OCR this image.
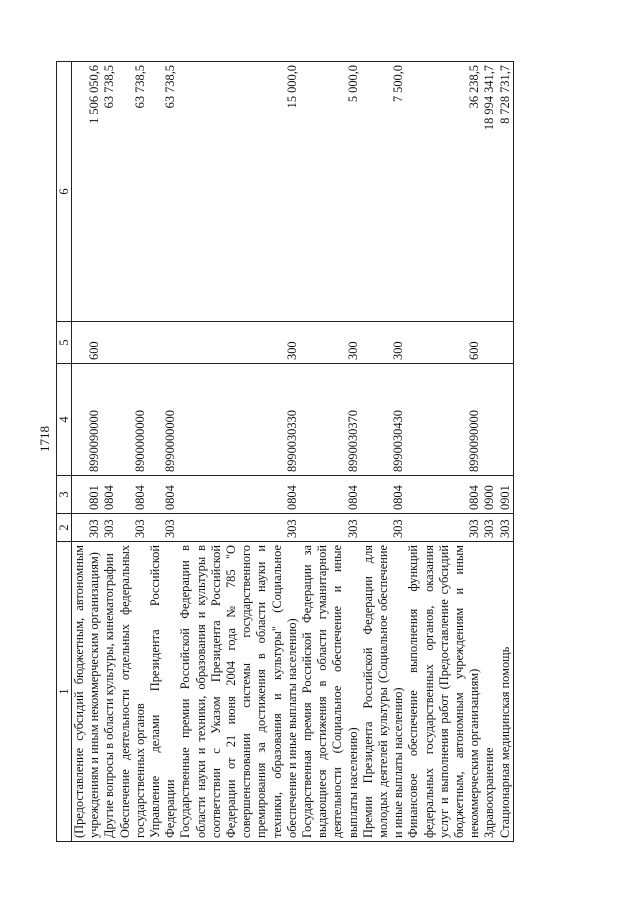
1718
1	2	3	4	5	6
(Предоставление субсидий бюджетным, автономным учреждениям и иным некоммерческим организациям)	303	0801	8990090000	600	1 506 050,6
Другие вопросы в области культуры, кинематографии	303	0804			63 738,5
Обеспечение деятельности отдельных федеральных государственных органов	303	0804	8900000000		63 738,5
Управление делами Президента Российской Федерации	303	0804	8990000000		63 738,5
Государственные премии Российской Федерации в области науки и техники, образования и культуры в соответствии с Указом Президента Российской Федерации от 21 июня 2004 года № 785 "О совершенствовании системы государственного премирования за достижения в области науки и техники, образования и культуры" (Социальное обеспечение и иные выплаты населению)	303	0804	8990030330	300	15 000,0
Государственная премия Российской Федерации за выдающиеся достижения в области гуманитарной деятельности (Социальное обеспечение и иные выплаты населению)	303	0804	8990030370	300	5 000,0
Премии Президента Российской Федерации для молодых деятелей культуры (Социальное обеспечение и иные выплаты населению)	303	0804	8990030430	300	7 500,0
Финансовое обеспечение выполнения функций федеральных государственных органов, оказания услуг и выполнения работ (Предоставление субсидий бюджетным, автономным учреждениям и иным некоммерческим организациям)	303	0804	8990090000	600	36 238,5
Здравоохранение	303	0900			18 994 341,7
Стационарная медицинская помощь	303	0901			8 728 731,7
